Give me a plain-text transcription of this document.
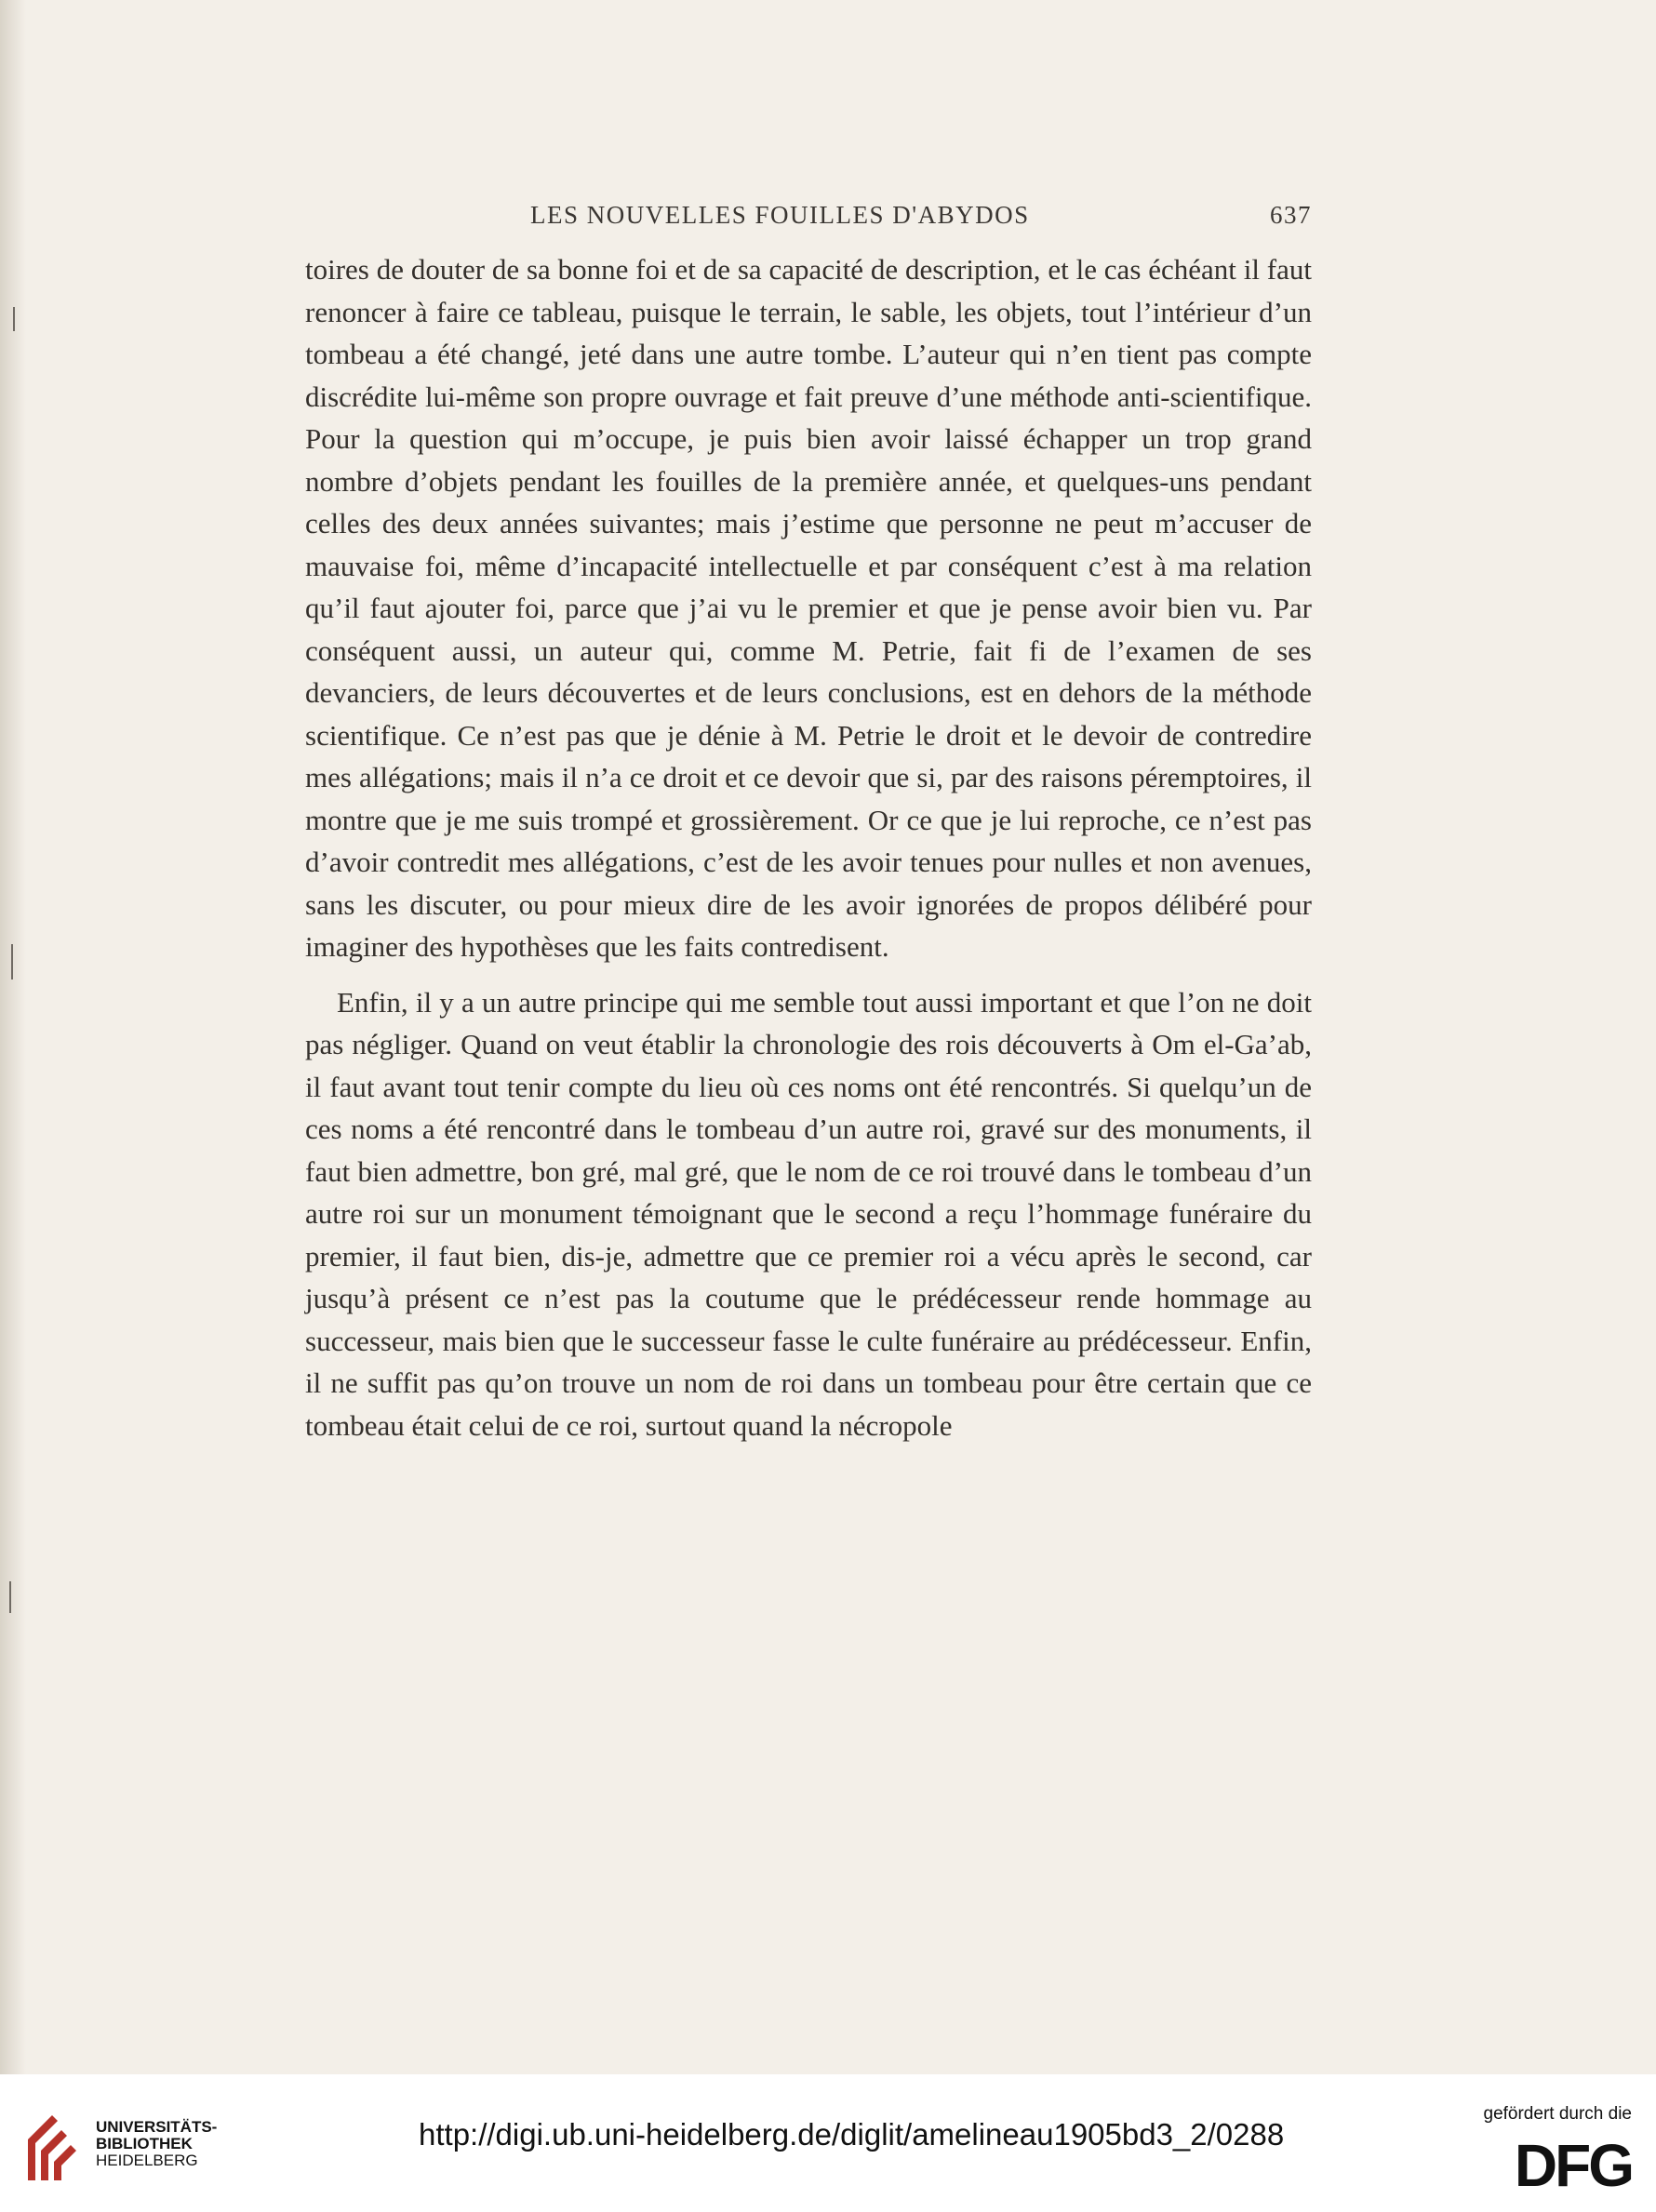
LES NOUVELLES FOUILLES D'ABYDOS	637

toires de douter de sa bonne foi et de sa capacité de description, et le cas échéant il faut renoncer à faire ce tableau, puisque le terrain, le sable, les objets, tout l’intérieur d’un tombeau a été changé, jeté dans une autre tombe. L’auteur qui n’en tient pas compte discrédite lui-même son propre ouvrage et fait preuve d’une méthode anti-scientifique. Pour la question qui m’occupe, je puis bien avoir laissé échapper un trop grand nombre d’objets pendant les fouilles de la première année, et quelques-uns pendant celles des deux années suivantes; mais j’estime que personne ne peut m’accuser de mauvaise foi, même d’incapacité intellectuelle et par conséquent c’est à ma relation qu’il faut ajouter foi, parce que j’ai vu le premier et que je pense avoir bien vu. Par conséquent aussi, un auteur qui, comme M. Petrie, fait fi de l’examen de ses devanciers, de leurs découvertes et de leurs conclusions, est en dehors de la méthode scientifique. Ce n’est pas que je dénie à M. Petrie le droit et le devoir de contredire mes allégations; mais il n’a ce droit et ce devoir que si, par des raisons péremptoires, il montre que je me suis trompé et grossièrement. Or ce que je lui reproche, ce n’est pas d’avoir contredit mes allégations, c’est de les avoir tenues pour nulles et non avenues, sans les discuter, ou pour mieux dire de les avoir ignorées de propos délibéré pour imaginer des hypothèses que les faits contredisent.

Enfin, il y a un autre principe qui me semble tout aussi important et que l’on ne doit pas négliger. Quand on veut établir la chronologie des rois découverts à Om el-Ga’ab, il faut avant tout tenir compte du lieu où ces noms ont été rencontrés. Si quelqu’un de ces noms a été rencontré dans le tombeau d’un autre roi, gravé sur des monuments, il faut bien admettre, bon gré, mal gré, que le nom de ce roi trouvé dans le tombeau d’un autre roi sur un monument témoignant que le second a reçu l’hommage funéraire du premier, il faut bien, dis-je, admettre que ce premier roi a vécu après le second, car jusqu’à présent ce n’est pas la coutume que le prédécesseur rende hommage au successeur, mais bien que le successeur fasse le culte funéraire au prédécesseur. Enfin, il ne suffit pas qu’on trouve un nom de roi dans un tombeau pour être certain que ce tombeau était celui de ce roi, surtout quand la nécropole

UNIVERSITÄTS-
BIBLIOTHEK
HEIDELBERG
http://digi.ub.uni-heidelberg.de/diglit/amelineau1905bd3_2/0288
gefördert durch die
DFG
